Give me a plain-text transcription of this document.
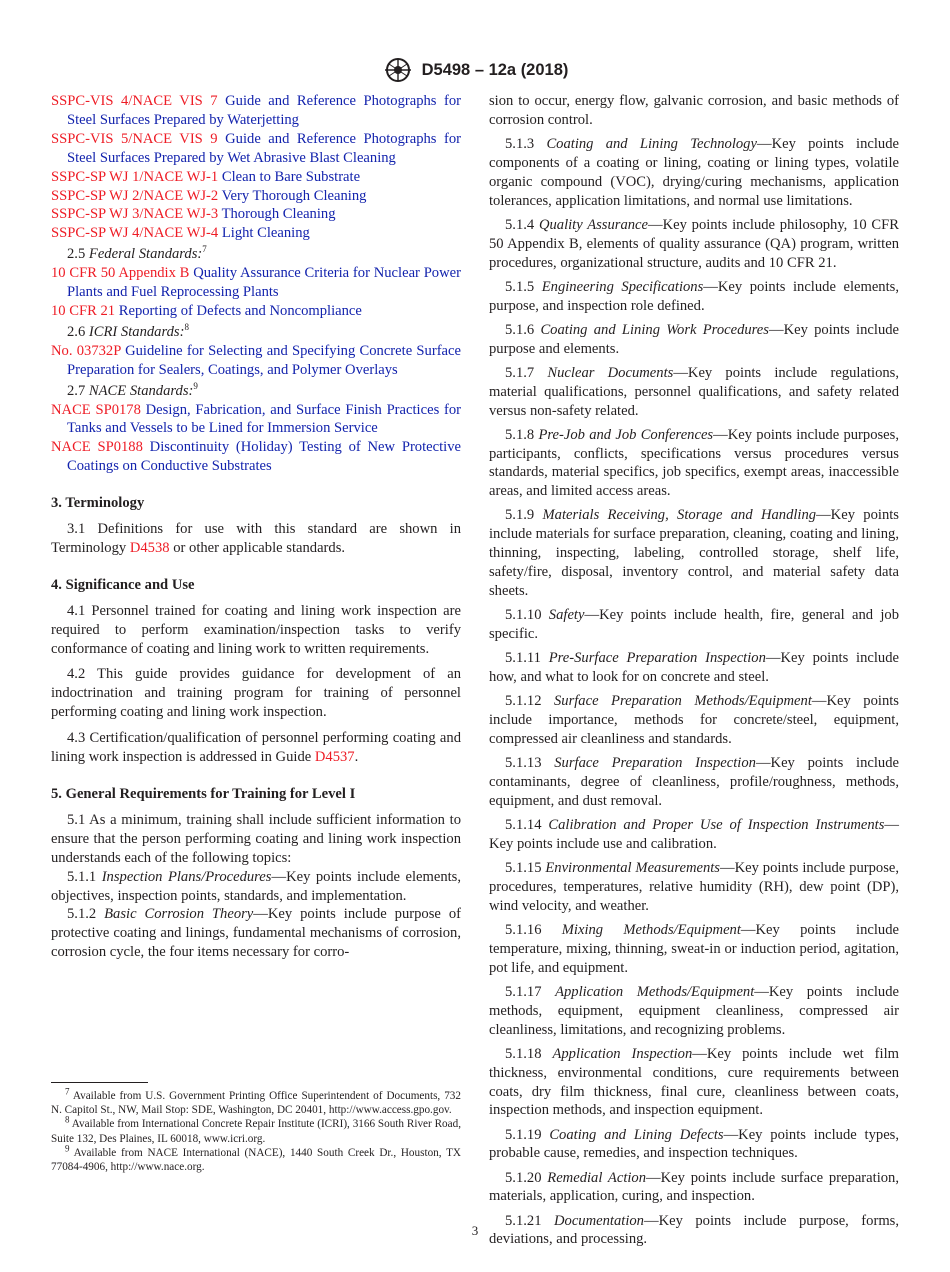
D5498 – 12a (2018)

SSPC-VIS 4/NACE VIS 7 Guide and Reference Photographs for Steel Surfaces Prepared by Waterjetting

SSPC-VIS 5/NACE VIS 9 Guide and Reference Photographs for Steel Surfaces Prepared by Wet Abrasive Blast Cleaning

SSPC-SP WJ 1/NACE WJ-1 Clean to Bare Substrate

SSPC-SP WJ 2/NACE WJ-2 Very Thorough Cleaning

SSPC-SP WJ 3/NACE WJ-3 Thorough Cleaning

SSPC-SP WJ 4/NACE WJ-4 Light Cleaning

2.5 Federal Standards:$^7$

10 CFR 50 Appendix B Quality Assurance Criteria for Nuclear Power Plants and Fuel Reprocessing Plants

10 CFR 21 Reporting of Defects and Noncompliance

2.6 ICRI Standards:$^8$

No. 03732P Guideline for Selecting and Specifying Concrete Surface Preparation for Sealers, Coatings, and Polymer Overlays

2.7 NACE Standards:$^9$

NACE SP0178 Design, Fabrication, and Surface Finish Practices for Tanks and Vessels to be Lined for Immersion Service

NACE SP0188 Discontinuity (Holiday) Testing of New Protective Coatings on Conductive Substrates

3. Terminology

3.1 Definitions for use with this standard are shown in Terminology D4538 or other applicable standards.

4. Significance and Use

4.1 Personnel trained for coating and lining work inspection are required to perform examination/inspection tasks to verify conformance of coating and lining work to written requirements.

4.2 This guide provides guidance for development of an indoctrination and training program for training of personnel performing coating and lining work inspection.

4.3 Certification/qualification of personnel performing coating and lining work inspection is addressed in Guide D4537.

5. General Requirements for Training for Level I

5.1 As a minimum, training shall include sufficient information to ensure that the person performing coating and lining work inspection understands each of the following topics:

5.1.1 Inspection Plans/Procedures—Key points include elements, objectives, inspection points, standards, and implementation.

5.1.2 Basic Corrosion Theory—Key points include purpose of protective coating and linings, fundamental mechanisms of corrosion, corrosion cycle, the four items necessary for corro-

$^7$ Available from U.S. Government Printing Office Superintendent of Documents, 732 N. Capitol St., NW, Mail Stop: SDE, Washington, DC 20401, http://www.access.gpo.gov.

$^8$ Available from International Concrete Repair Institute (ICRI), 3166 South River Road, Suite 132, Des Plaines, IL 60018, www.icri.org.

$^9$ Available from NACE International (NACE), 1440 South Creek Dr., Houston, TX 77084-4906, http://www.nace.org.

sion to occur, energy flow, galvanic corrosion, and basic methods of corrosion control.

5.1.3 Coating and Lining Technology—Key points include components of a coating or lining, coating or lining types, volatile organic compound (VOC), drying/curing mechanisms, application tolerances, application limitations, and normal use limitations.

5.1.4 Quality Assurance—Key points include philosophy, 10 CFR 50 Appendix B, elements of quality assurance (QA) program, written procedures, organizational structure, audits and 10 CFR 21.

5.1.5 Engineering Specifications—Key points include elements, purpose, and inspection role defined.

5.1.6 Coating and Lining Work Procedures—Key points include purpose and elements.

5.1.7 Nuclear Documents—Key points include regulations, material qualifications, personnel qualifications, and safety related versus non-safety related.

5.1.8 Pre-Job and Job Conferences—Key points include purposes, participants, conflicts, specifications versus procedures versus standards, material specifics, job specifics, exempt areas, inaccessible areas, and limited access areas.

5.1.9 Materials Receiving, Storage and Handling—Key points include materials for surface preparation, cleaning, coating and lining, thinning, inspecting, labeling, controlled storage, shelf life, safety/fire, disposal, inventory control, and material safety data sheets.

5.1.10 Safety—Key points include health, fire, general and job specific.

5.1.11 Pre-Surface Preparation Inspection—Key points include how, and what to look for on concrete and steel.

5.1.12 Surface Preparation Methods/Equipment—Key points include importance, methods for concrete/steel, equipment, compressed air cleanliness and standards.

5.1.13 Surface Preparation Inspection—Key points include contaminants, degree of cleanliness, profile/roughness, methods, equipment, and dust removal.

5.1.14 Calibration and Proper Use of Inspection Instruments—Key points include use and calibration.

5.1.15 Environmental Measurements—Key points include purpose, procedures, temperatures, relative humidity (RH), dew point (DP), wind velocity, and weather.

5.1.16 Mixing Methods/Equipment—Key points include temperature, mixing, thinning, sweat-in or induction period, agitation, pot life, and equipment.

5.1.17 Application Methods/Equipment—Key points include methods, equipment, equipment cleanliness, compressed air cleanliness, limitations, and recognizing problems.

5.1.18 Application Inspection—Key points include wet film thickness, environmental conditions, cure requirements between coats, dry film thickness, final cure, cleanliness between coats, inspection methods, and inspection equipment.

5.1.19 Coating and Lining Defects—Key points include types, probable cause, remedies, and inspection techniques.

5.1.20 Remedial Action—Key points include surface preparation, materials, application, curing, and inspection.

5.1.21 Documentation—Key points include purpose, forms, deviations, and processing.

3
